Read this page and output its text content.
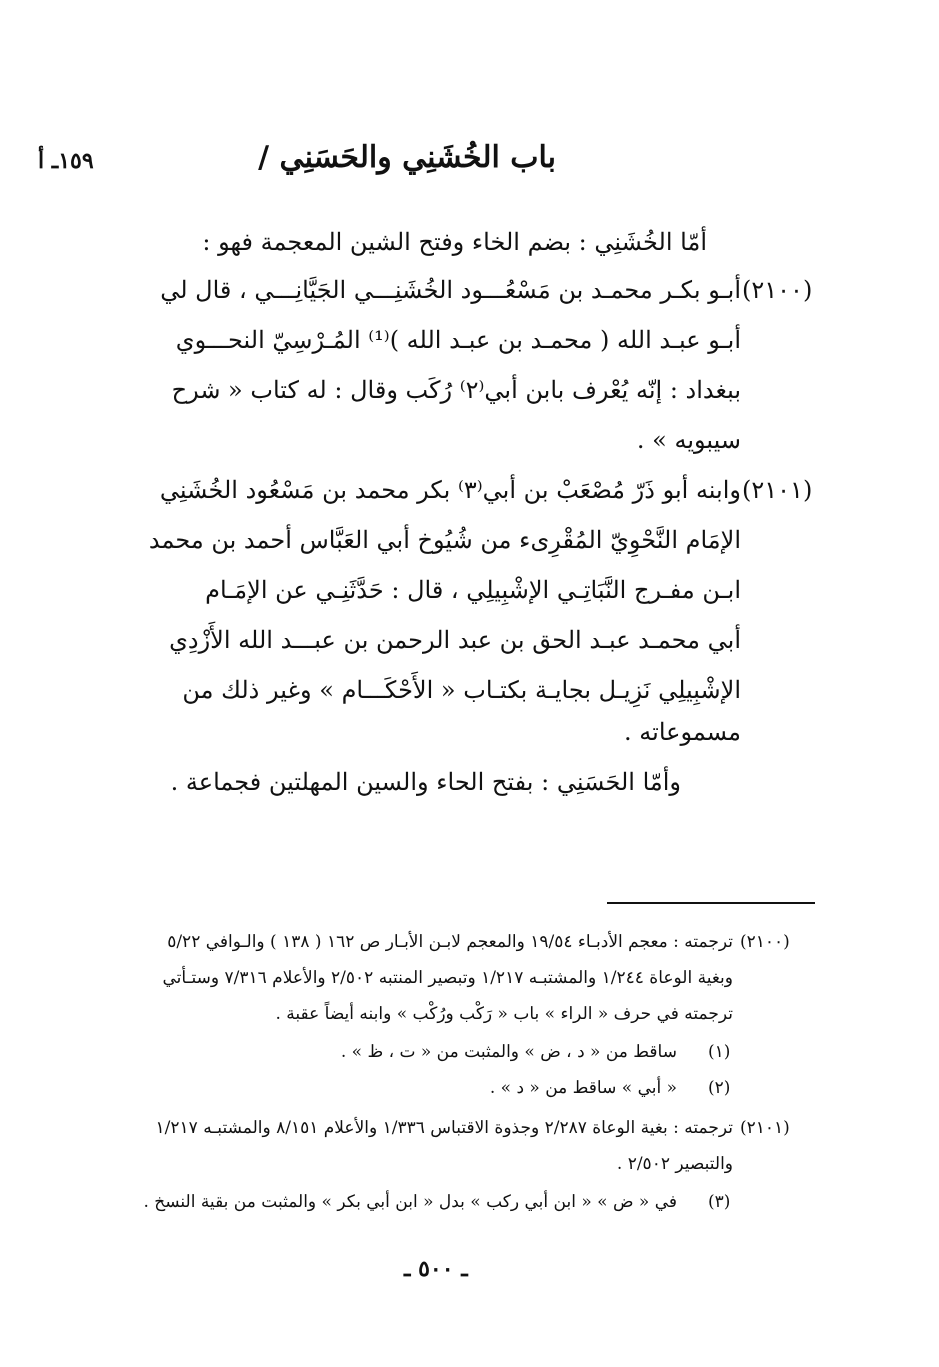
باب الخُشَنِي والحَسَنِي /
١٥٩ـ أ
أمّا الخُشَنِي : بضم الخاء وفتح الشين المعجمة فهو :
(٢١٠٠)
أبـو بكـر محمـد بن مَسْعُـــود الخُشَنِـــي الجَيَّانِـــي ، قال لي
أبـو عبـد الله ( محمـد بن عبـد الله )⁽¹⁾ المُـرْسِيّ النحـــوي
ببغداد : إنّه يُعْرف بابن أبي⁽٢⁾ رُكَب وقال : له كتاب « شرح
سيبويه » .
(٢١٠١)
وابنه أبو ذَرّ مُصْعَبْ بن أبي⁽٣⁾ بكر محمد بن مَسْعُود الخُشَنِي
الإمَام النَّحْوِيّ المُقْرِىء من شُيُوخ أبي العَبَّاس أحمد بن محمد
ابـن مفـرج النَّبَاتِـي الإشْبِيلِي ، قال : حَدَّثَنِـي عن الإمَـام
أبي محمـد عبـد الحق بن عبد الرحمن بن عبـــد الله الأَزْدِي
الإشْبِيلِي نَزِيـل بجايـة بكتـاب « الأَحْكَـــام » وغير ذلك من
مسموعاته .
وأمّا الحَسَنِي : بفتح الحاء والسين المهلتين فجماعة .
(٢١٠٠)
ترجمته : معجم الأدبـاء ١٩/٥٤ والمعجم لابـن الأبـار ص ١٦٢ ( ١٣٨ ) والـوافي ٥/٢٢
وبغية الوعاة ١/٢٤٤ والمشتبـه ١/٢١٧ وتبصير المنتبه ٢/٥٠٢ والأعلام ٧/٣١٦ وستـأتي
ترجمته في حرف « الراء » باب « رَكْب ورُكْب » وابنه أيضاً عقبة .
(١)
ساقط من « د ، ض » والمثبت من « ت ، ظ » .
(٢)
« أبي » ساقط من « د » .
(٢١٠١)
ترجمته : بغية الوعاة ٢/٢٨٧ وجذوة الاقتباس ١/٣٣٦ والأعلام ٨/١٥١ والمشتبـه ١/٢١٧
والتبصير ٢/٥٠٢ .
(٣)
في « ض » « ابن أبي ركب » بدل « ابن أبي بكر » والمثبت من بقية النسخ .
ـ ٥٠٠ ـ
